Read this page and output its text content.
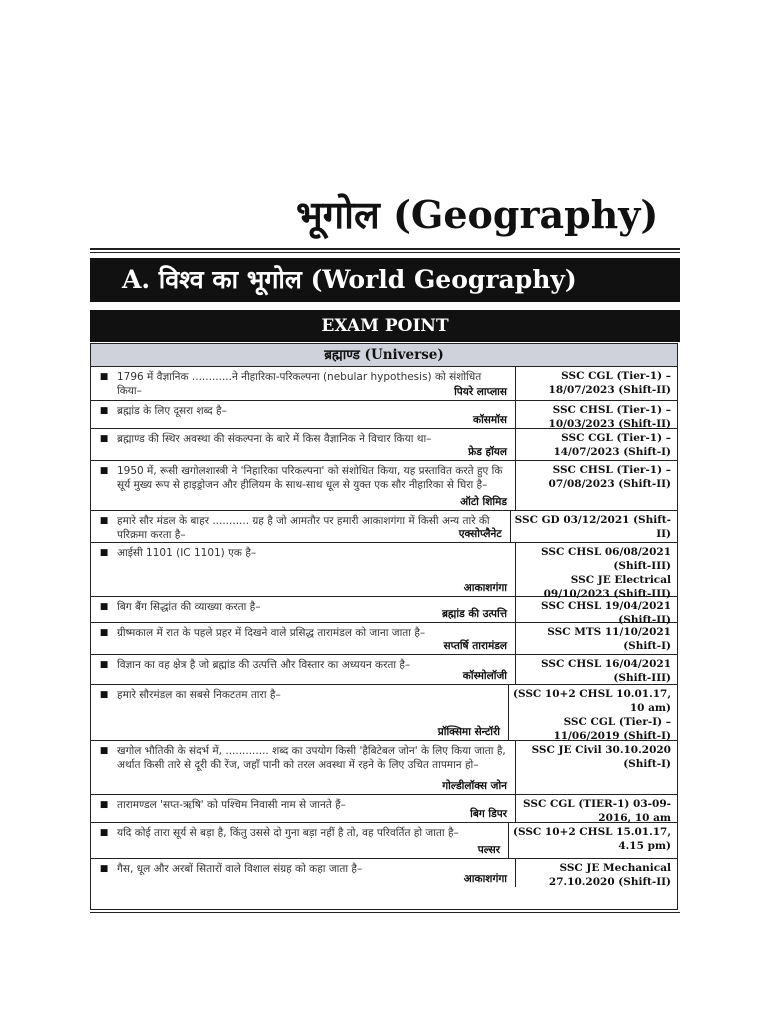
भूगोल (Geography)
A. विश्व का भूगोल (World Geography)
EXAM POINT
ब्रह्माण्ड (Universe)
■ 1796 में वैज्ञानिक ............ने नीहारिका-परिकल्पना (nebular hypothesis) को संशोधित किया–	पियरे लाप्लास
SSC CGL (Tier-1) –
18/07/2023 (Shift-II)
■ ब्रह्मांड के लिए दूसरा शब्द है–
कॉसमॉस
SSC CHSL (Tier-1) –
10/03/2023 (Shift-II)
■ ब्रह्माण्ड की स्थिर अवस्था की संकल्पना के बारे में किस वैज्ञानिक ने विचार किया था–
फ्रेड हॉयल
SSC CGL (Tier-1) –
14/07/2023 (Shift-I)
■ 1950 में, रूसी खगोलशास्त्री ने 'निहारिका परिकल्पना' को संशोधित किया, यह प्रस्तावित करते हुए कि सूर्य मुख्य रूप से हाइड्रोजन और हीलियम के साथ-साथ धूल से युक्त एक सौर नीहारिका से घिरा है–
ऑटो शिमिड
SSC CHSL (Tier-1) –
07/08/2023 (Shift-II)
■ हमारे सौर मंडल के बाहर ........... ग्रह है जो आमतौर पर हमारी आकाशगंगा में किसी अन्य तारे की परिक्रमा करता है–	एक्सोप्लैनेट
SSC GD 03/12/2021 (Shift-
II)
■ आईसी 1101 (IC 1101) एक है–
आकाशगंगा
SSC CHSL 06/08/2021
(Shift-III)
SSC JE Electrical
09/10/2023 (Shift-III)
■ बिग बैंग सिद्धांत की व्याख्या करता है–
ब्रह्मांड की उत्पत्ति
SSC CHSL 19/04/2021
(Shift-II)
■ ग्रीष्मकाल में रात के पहले प्रहर में दिखने वाले प्रसिद्ध तारामंडल को जाना जाता है–
सप्तर्षि तारामंडल
SSC MTS 11/10/2021
(Shift-I)
■ विज्ञान का वह क्षेत्र है जो ब्रह्मांड की उत्पत्ति और विस्तार का अध्ययन करता है–
कॉस्मोलॉजी
SSC CHSL 16/04/2021
(Shift-III)
■ हमारे सौरमंडल का सबसे निकटतम तारा है–
प्रॉक्सिमा सेन्टॉरी
(SSC 10+2 CHSL 10.01.17,
10 am)
SSC CGL (Tier-I) –
11/06/2019 (Shift-I)
■ खगोल भौतिकी के संदर्भ में, ............. शब्द का उपयोग किसी 'हैबिटेबल जोन' के लिए किया जाता है, अर्थात किसी तारे से दूरी की रेंज, जहाँ पानी को तरल अवस्था में रहने के लिए उचित तापमान हो–
गोल्डीलॉक्स जोन
SSC JE Civil 30.10.2020
(Shift-I)
■ तारामण्डल 'सप्त-ऋषि' को पश्चिम निवासी नाम से जानते हैं–
बिग डिपर
SSC CGL (TIER-1) 03-09-
2016, 10 am
■ यदि कोई तारा सूर्य से बड़ा है, किंतु उससे दो गुना बड़ा नहीं है तो, वह परिवर्तित हो जाता है–
पल्सर
(SSC 10+2 CHSL 15.01.17,
4.15 pm)
■ गैस, धूल और अरबों सितारों वाले विशाल संग्रह को कहा जाता है–
आकाशगंगा
SSC JE Mechanical
27.10.2020 (Shift-II)
